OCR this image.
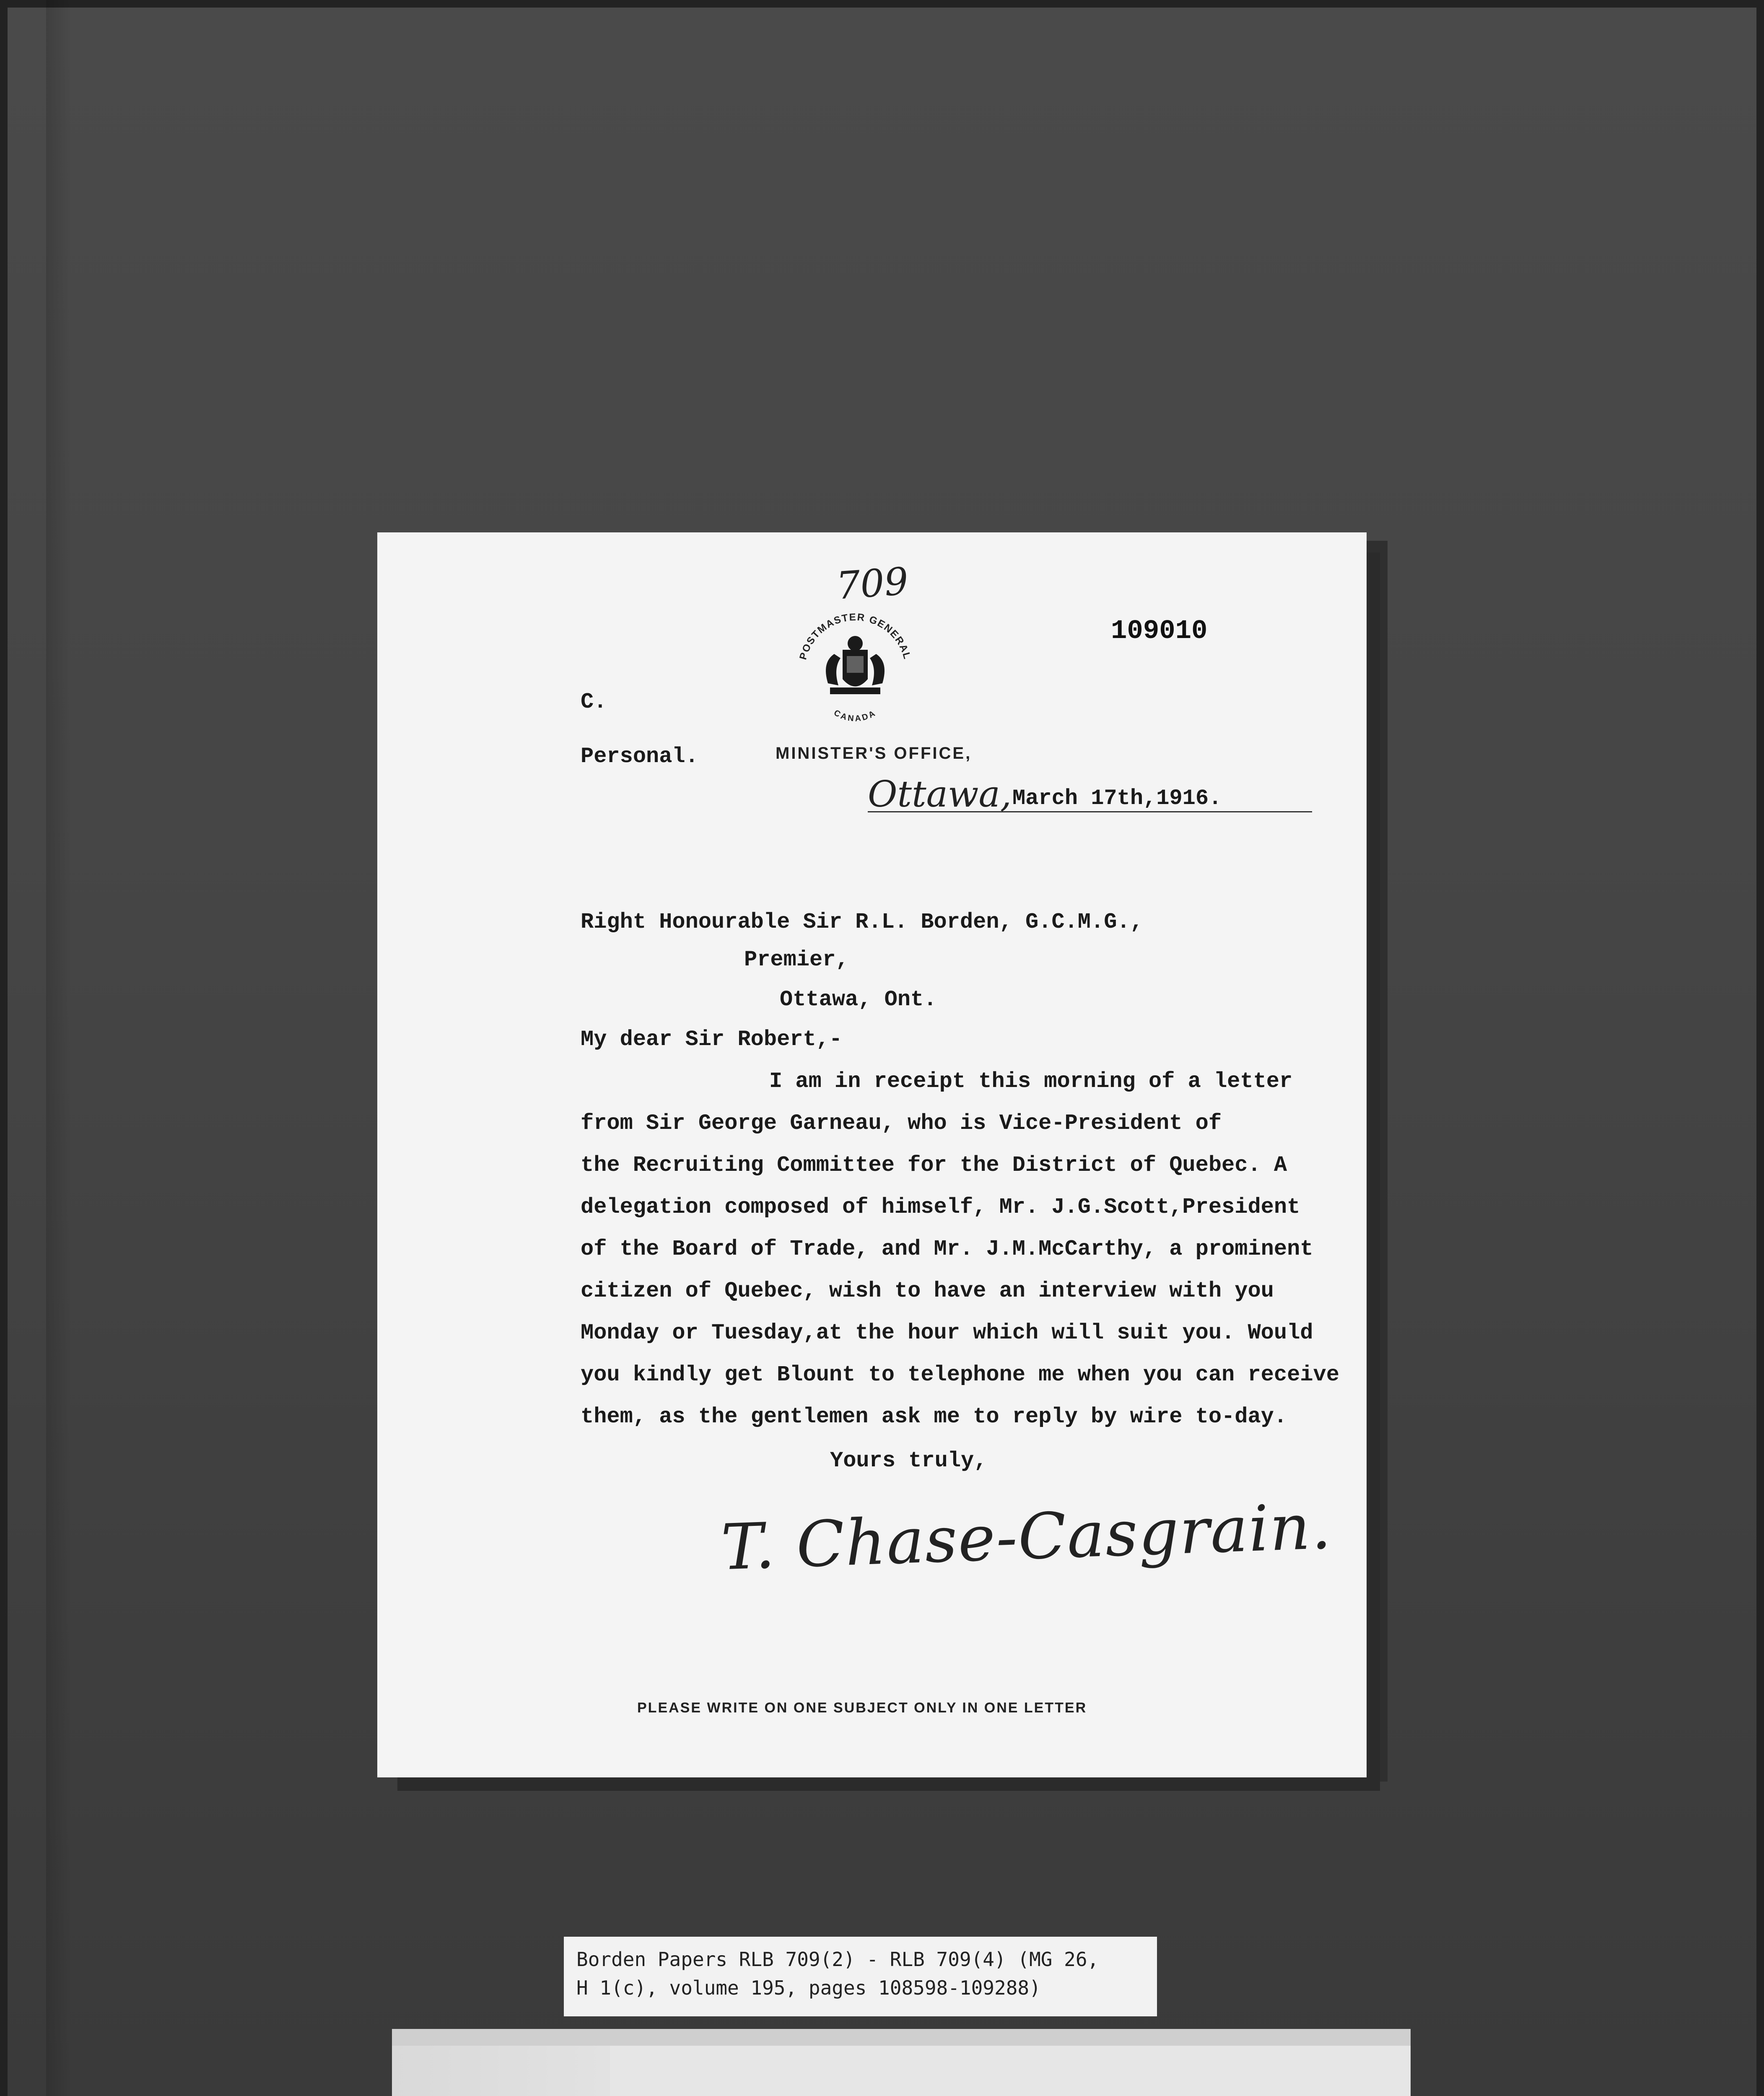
709
109010
POSTMASTER GENERAL
CANADA
C.
Personal.	MINISTER'S OFFICE,
Ottawa, March 17th,1916.
Right Honourable Sir R.L. Borden, G.C.M.G.,
Premier,
Ottawa, Ont.
My dear Sir Robert,-
I am in receipt this morning of a letter
from Sir George Garneau, who is Vice-President of
the Recruiting Committee for the District of Quebec. A
delegation composed of himself, Mr. J.G.Scott,President
of the Board of Trade, and Mr. J.M.McCarthy, a prominent
citizen of Quebec, wish to have an interview with you
Monday or Tuesday,at the hour which will suit you. Would
you kindly get Blount to telephone me when you can receive
them, as the gentlemen ask me to reply by wire to-day.
Yours truly,
T. Chase-Casgrain.
PLEASE WRITE ON ONE SUBJECT ONLY IN ONE LETTER
Borden Papers RLB 709(2) - RLB 709(4) (MG 26,
H 1(c), volume 195, pages 108598-109288)
